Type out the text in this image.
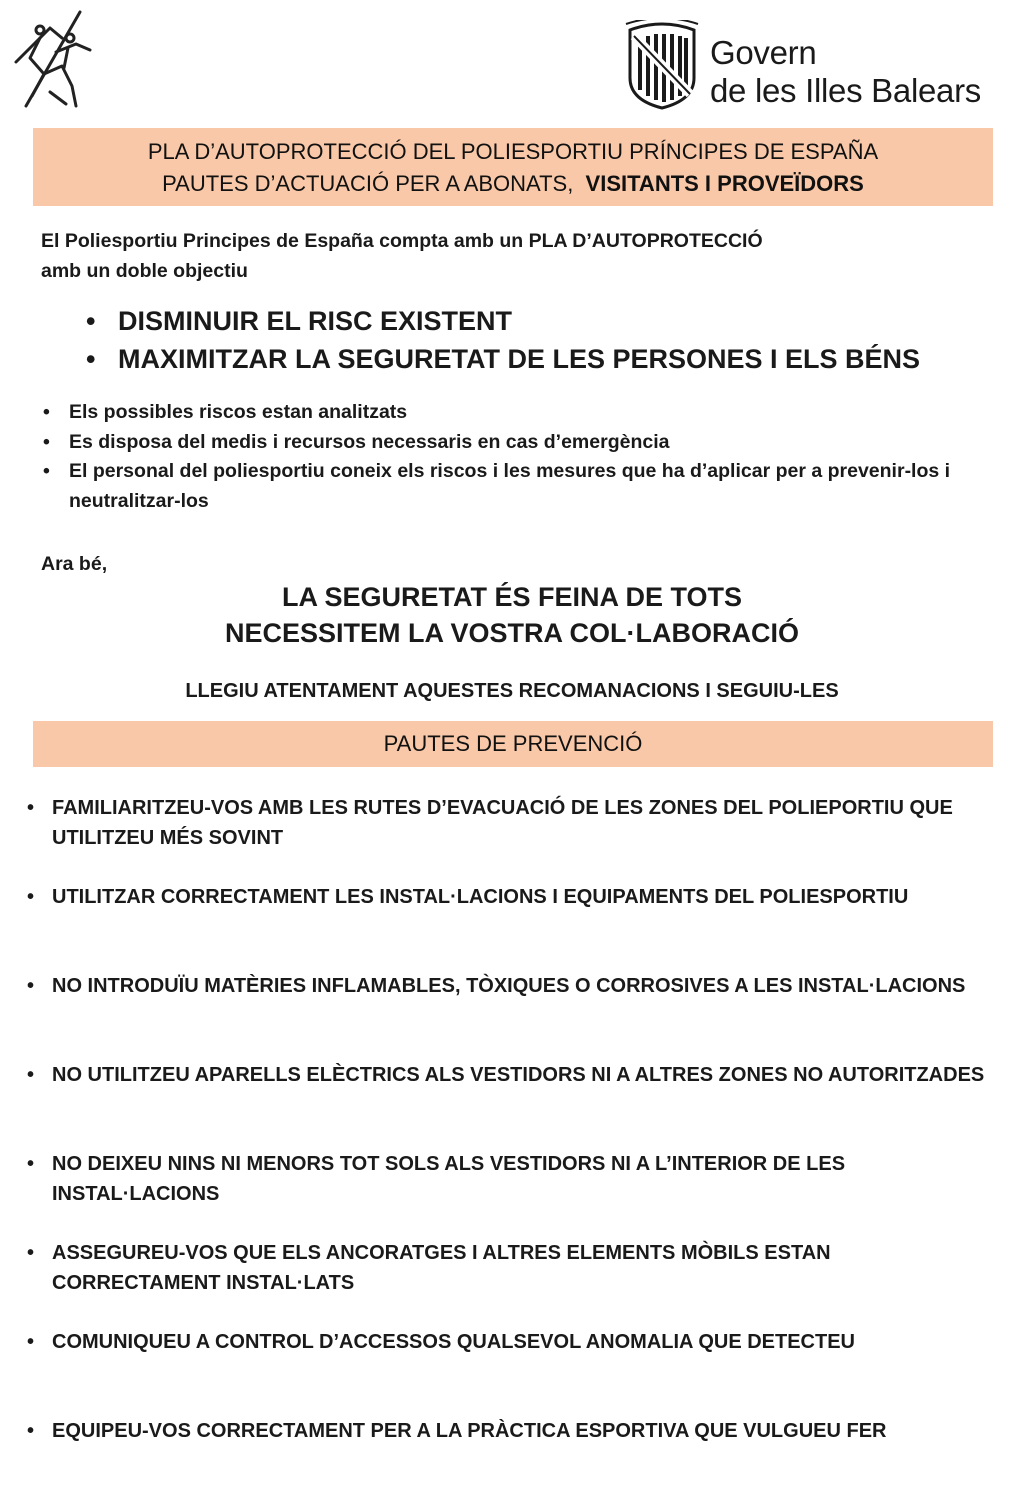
Govern
de les Illes Balears
PLA D’AUTOPROTECCIÓ DEL POLIESPORTIU PRÍNCIPES DE ESPAÑA
PAUTES D’ACTUACIÓ PER A ABONATS, VISITANTS I PROVEÏDORS
El Poliesportiu Principes de España compta amb un PLA D’AUTOPROTECCIÓ
amb un doble objectiu
• DISMINUIR EL RISC EXISTENT
• MAXIMITZAR LA SEGURETAT DE LES PERSONES I ELS BÉNS
• Els possibles riscos estan analitzats
• Es disposa del medis i recursos necessaris en cas d’emergència
• El personal del poliesportiu coneix els riscos i les mesures que ha d’aplicar per a prevenir-los i neutralitzar-los
Ara bé,
LA SEGURETAT ÉS FEINA DE TOTS
NECESSITEM LA VOSTRA COL·LABORACIÓ
LLEGIU ATENTAMENT AQUESTES RECOMANACIONS I SEGUIU-LES
PAUTES DE PREVENCIÓ
• FAMILIARITZEU-VOS AMB LES RUTES D’EVACUACIÓ DE LES ZONES DEL POLIEPORTIU QUE UTILITZEU MÉS SOVINT
• UTILITZAR CORRECTAMENT LES INSTAL·LACIONS I EQUIPAMENTS DEL POLIESPORTIU
• NO INTRODUÏU MATÈRIES INFLAMABLES, TÒXIQUES O CORROSIVES A LES INSTAL·LACIONS
• NO UTILITZEU APARELLS ELÈCTRICS ALS VESTIDORS NI A ALTRES ZONES NO AUTORITZADES
• NO DEIXEU NINS NI MENORS TOT SOLS ALS VESTIDORS NI A L’INTERIOR DE LES INSTAL·LACIONS
• ASSEGUREU-VOS QUE ELS ANCORATGES I ALTRES ELEMENTS MÒBILS ESTAN CORRECTAMENT INSTAL·LATS
• COMUNIQUEU A CONTROL D’ACCESSOS QUALSEVOL ANOMALIA QUE DETECTEU
• EQUIPEU-VOS CORRECTAMENT PER A LA PRÀCTICA ESPORTIVA QUE VULGUEU FER
